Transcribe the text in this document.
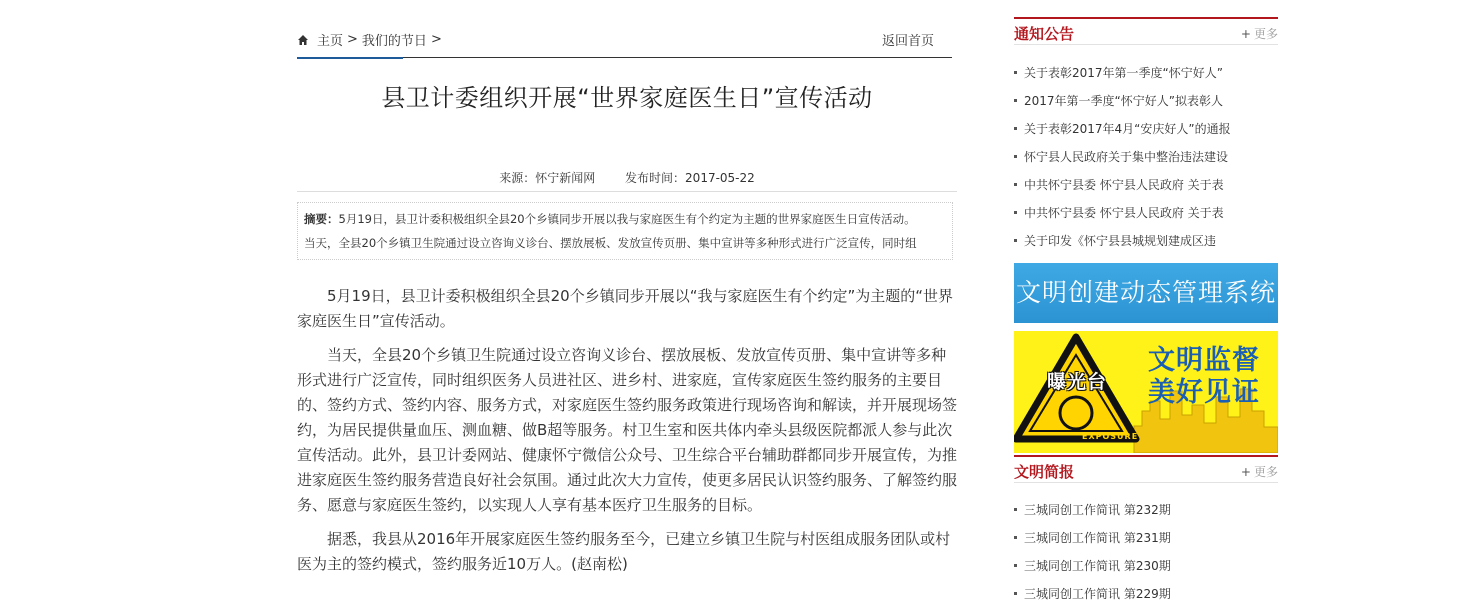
主页 > 我们的节日 >	返回首页
县卫计委组织开展“世界家庭医生日”宣传活动
来源：怀宁新闻网 发布时间：2017-05-22
摘要：5月19日，县卫计委积极组织全县20个乡镇同步开展以我与家庭医生有个约定为主题的世界家庭医生日宣传活动。
当天，全县20个乡镇卫生院通过设立咨询义诊台、摆放展板、发放宣传页册、集中宣讲等多种形式进行广泛宣传，同时组

5月19日，县卫计委积极组织全县20个乡镇同步开展以“我与家庭医生有个约定”为主题的“世界家庭医生日”宣传活动。

当天，全县20个乡镇卫生院通过设立咨询义诊台、摆放展板、发放宣传页册、集中宣讲等多种形式进行广泛宣传，同时组织医务人员进社区、进乡村、进家庭，宣传家庭医生签约服务的主要目的、签约方式、签约内容、服务方式，对家庭医生签约服务政策进行现场咨询和解读，并开展现场签约，为居民提供量血压、测血糖、做B超等服务。村卫生室和医共体内牵头县级医院都派人参与此次宣传活动。此外，县卫计委网站、健康怀宁微信公众号、卫生综合平台辅助群都同步开展宣传，为推进家庭医生签约服务营造良好社会氛围。通过此次大力宣传，使更多居民认识签约服务、了解签约服务、愿意与家庭医生签约，以实现人人享有基本医疗卫生服务的目标。

据悉，我县从2016年开展家庭医生签约服务至今，已建立乡镇卫生院与村医组成服务团队或村医为主的签约模式，签约服务近10万人。(赵南松)

通知公告	+ 更多
关于表彰2017年第一季度“怀宁好人”
2017年第一季度“怀宁好人”拟表彰人
关于表彰2017年4月“安庆好人”的通报
怀宁县人民政府关于集中整治违法建设
中共怀宁县委 怀宁县人民政府 关于表
中共怀宁县委 怀宁县人民政府 关于表
关于印发《怀宁县县城规划建成区违
文明创建动态管理系统
曝光台
EXPOSURE
文明监督
美好见证
文明简报	+ 更多
三城同创工作简讯 第232期
三城同创工作简讯 第231期
三城同创工作简讯 第230期
三城同创工作简讯 第229期
